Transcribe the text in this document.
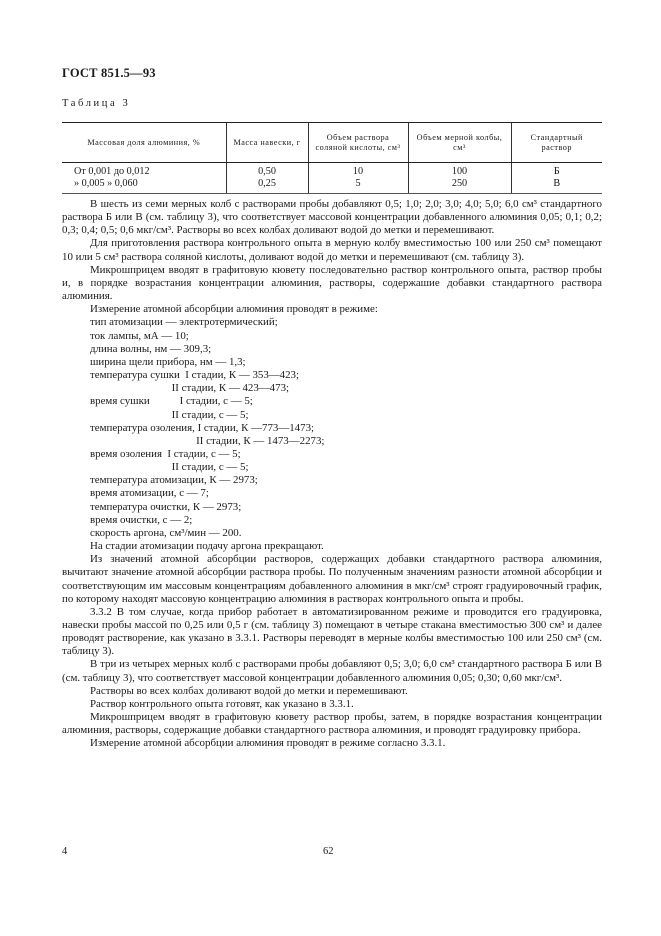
ГОСТ 851.5—93
Таблица 3
Массовая доля алюминия, %	Масса навески, г	Объем раствора соляной кислоты, см³	Объем мерной колбы, см³	Стандартный раствор
От 0,001 до 0,012	0,50	10	100	Б
» 0,005 » 0,060	0,25	5	250	В

В шесть из семи мерных колб с растворами пробы добавляют 0,5; 1,0; 2,0; 3,0; 4,0; 5,0; 6,0 см³ стандартного раствора Б или В (см. таблицу 3), что соответствует массовой концентрации добавленного алюминия 0,05; 0,1; 0,2; 0,3; 0,4; 0,5; 0,6 мкг/см³. Растворы во всех колбах доливают водой до метки и перемешивают.

Для приготовления раствора контрольного опыта в мерную колбу вместимостью 100 или 250 см³ помещают 10 или 5 см³ раствора соляной кислоты, доливают водой до метки и перемешивают (см. таблицу 3).

Микрошприцем вводят в графитовую кювету последовательно раствор контрольного опыта, раствор пробы и, в порядке возрастания концентрации алюминия, растворы, содержашие добавки стандартного раствора алюминия.

Измерение атомной абсорбции алюминия проводят в режиме:

тип атомизации — электротермический;

ток лампы, мА — 10;

длина волны, нм — 309,3;

ширина щели прибора, нм — 1,3;

температура сушки  I стадии, К — 353—423;

II стадии, К — 423—473;

время сушки           I стадии, с — 5;

II стадии, с — 5;

температура озоления, I стадии, К —773—1473;

II стадии, К — 1473—2273;

время озоления  I стадии, с — 5;

II стадии, с — 5;

температура атомизации, К — 2973;

время атомизации, с — 7;

температура очистки, К — 2973;

время очистки, с — 2;

скорость аргона, см³/мин — 200.

На стадии атомизации подачу аргона прекращают.

Из значений атомной абсорбции растворов, содержащих добавки стандартного раствора алюминия, вычитают значение атомной абсорбции раствора пробы. По полученным значениям разности атомной абсорбции и соответствующим им массовым концентрациям добавленного алюминия в мкг/см³ строят градуировочный график, по которому находят массовую концентрацию алюминия в растворах контрольного опыта и пробы.

3.3.2 В том случае, когда прибор работает в автоматизированном режиме и проводится его градуировка, навески пробы массой по 0,25 или 0,5 г (см. таблицу 3) помещают в четыре стакана вместимостью 300 см³ и далее проводят растворение, как указано в 3.3.1. Растворы переводят в мерные колбы вместимостью 100 или 250 см³ (см. таблицу 3).

В три из четырех мерных колб с растворами пробы добавляют 0,5; 3,0; 6,0 см³ стандартного раствора Б или В (см. таблицу 3), что соответствует массовой концентрации добавленного алюминия 0,05; 0,30; 0,60 мкг/см³.

Растворы во всех колбах доливают водой до метки и перемешивают.

Раствор контрольного опыта готовят, как указано в 3.3.1.

Микрошприцем вводят в графитовую кювету раствор пробы, затем, в порядке возрастания концентрации алюминия, растворы, содержащие добавки стандартного раствора алюминия, и проводят градуировку прибора.

Измерение атомной абсорбции алюминия проводят в режиме согласно 3.3.1.

4	62
